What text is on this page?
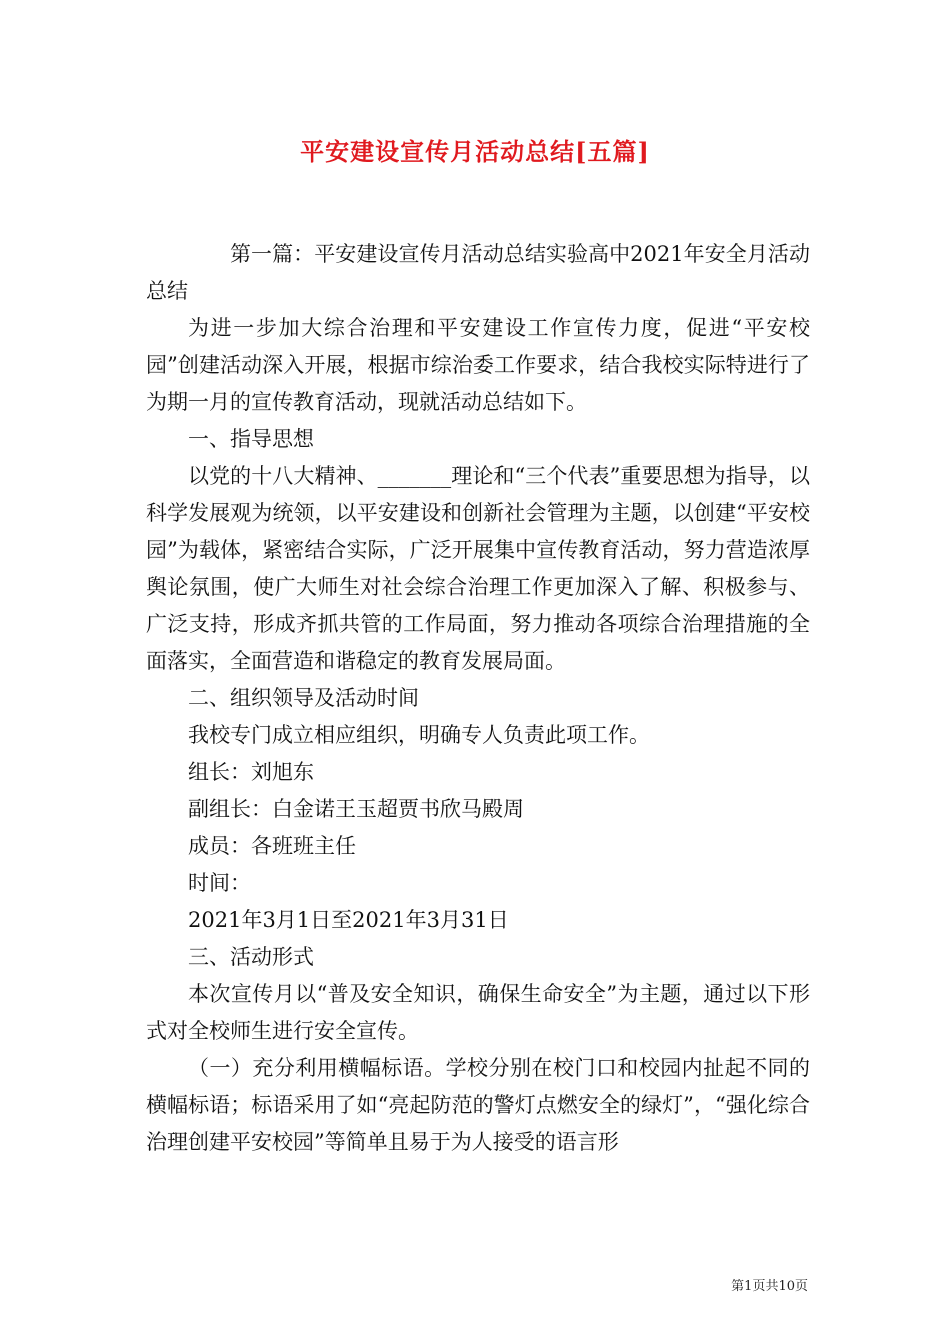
平安建设宣传月活动总结[五篇]

第一篇：平安建设宣传月活动总结实验高中2021年安全月活动总结

为进一步加大综合治理和平安建设工作宣传力度，促进“平安校园”创建活动深入开展，根据市综治委工作要求，结合我校实际特进行了为期一月的宣传教育活动，现就活动总结如下。

一、指导思想

以党的十八大精神、_______理论和“三个代表”重要思想为指导，以科学发展观为统领，以平安建设和创新社会管理为主题，以创建“平安校园”为载体，紧密结合实际，广泛开展集中宣传教育活动，努力营造浓厚舆论氛围，使广大师生对社会综合治理工作更加深入了解、积极参与、广泛支持，形成齐抓共管的工作局面，努力推动各项综合治理措施的全面落实，全面营造和谐稳定的教育发展局面。

二、组织领导及活动时间

我校专门成立相应组织，明确专人负责此项工作。

组长：刘旭东

副组长：白金诺王玉超贾书欣马殿周

成员：各班班主任

时间：

2021年3月1日至2021年3月31日

三、活动形式

本次宣传月以“普及安全知识，确保生命安全”为主题，通过以下形式对全校师生进行安全宣传。

（一）充分利用横幅标语。学校分别在校门口和校园内扯起不同的横幅标语；标语采用了如“亮起防范的警灯点燃安全的绿灯”，“强化综合治理创建平安校园”等简单且易于为人接受的语言形

第1页共10页
